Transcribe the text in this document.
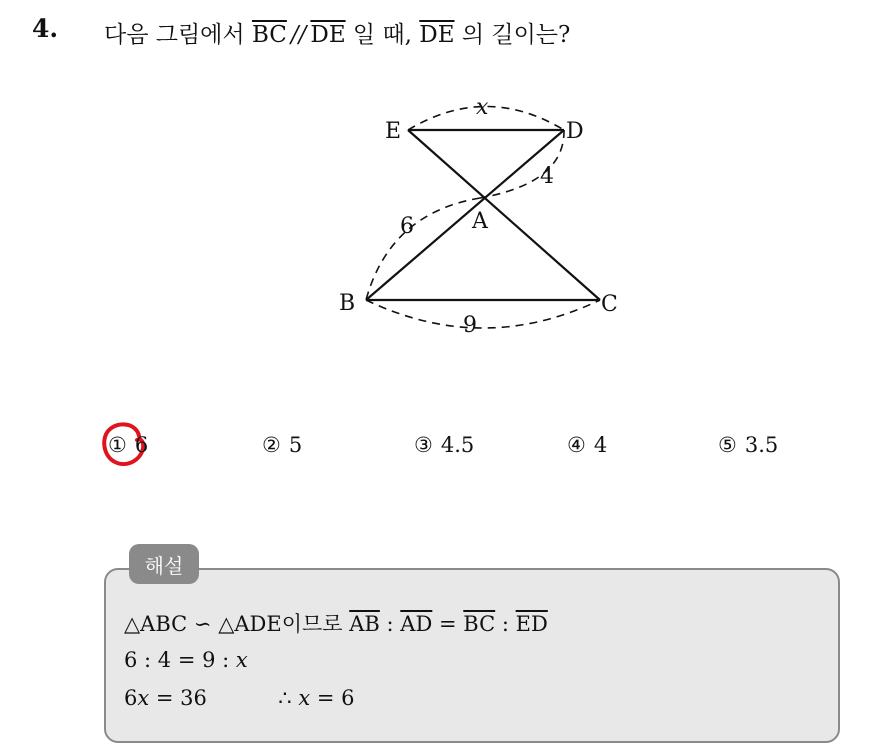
4. 다음 그림에서 $\overline{BC} // \overline{DE}$ 일 때, $\overline{DE}$ 의 길이는?
E	D
A
B	C
x
4
6
9
① 6	② 5	③ 4.5	④ 4	⑤ 3.5
해설
△ABC ∽ △ADE이므로 $\overline{AB}$ : $\overline{AD} = \overline{BC}$ : $\overline{ED}$
6 : 4 = 9 : x
6x = 36	∴ x = 6
